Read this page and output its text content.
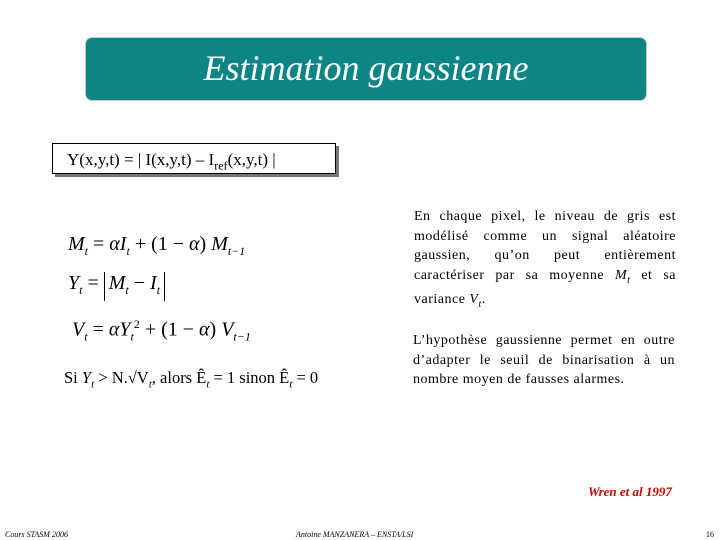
Estimation gaussienne
Y(x,y,t) = | $I(x,y,t) - I_{ref}(x,y,t)$ |
$M_t = \alpha I_t + (1 - \alpha)$ $M_{t-1}$
$Y_t = M_t - I_t$
$V_t = \alpha Y_t^2 + (1 - \alpha)$ $V_{t-1}$
En chaque pixel, le niveau de gris est modélisé comme un signal aléatoire gaussien, qu’on peut entièrement caractériser par sa moyenne $M_t$ et sa variance $V_t$.
L’hypothèse gaussienne permet en outre d’adapter le seuil de binarisation à un nombre moyen de fausses alarmes.
Si $Y_t > N.√V_t$, alors $Ê_t = 1$ sinon $Ê_t = 0$
Wren et al 1997
Cours STASM 2006	Antoine MANZANERA – ENSTA/LSI	16
